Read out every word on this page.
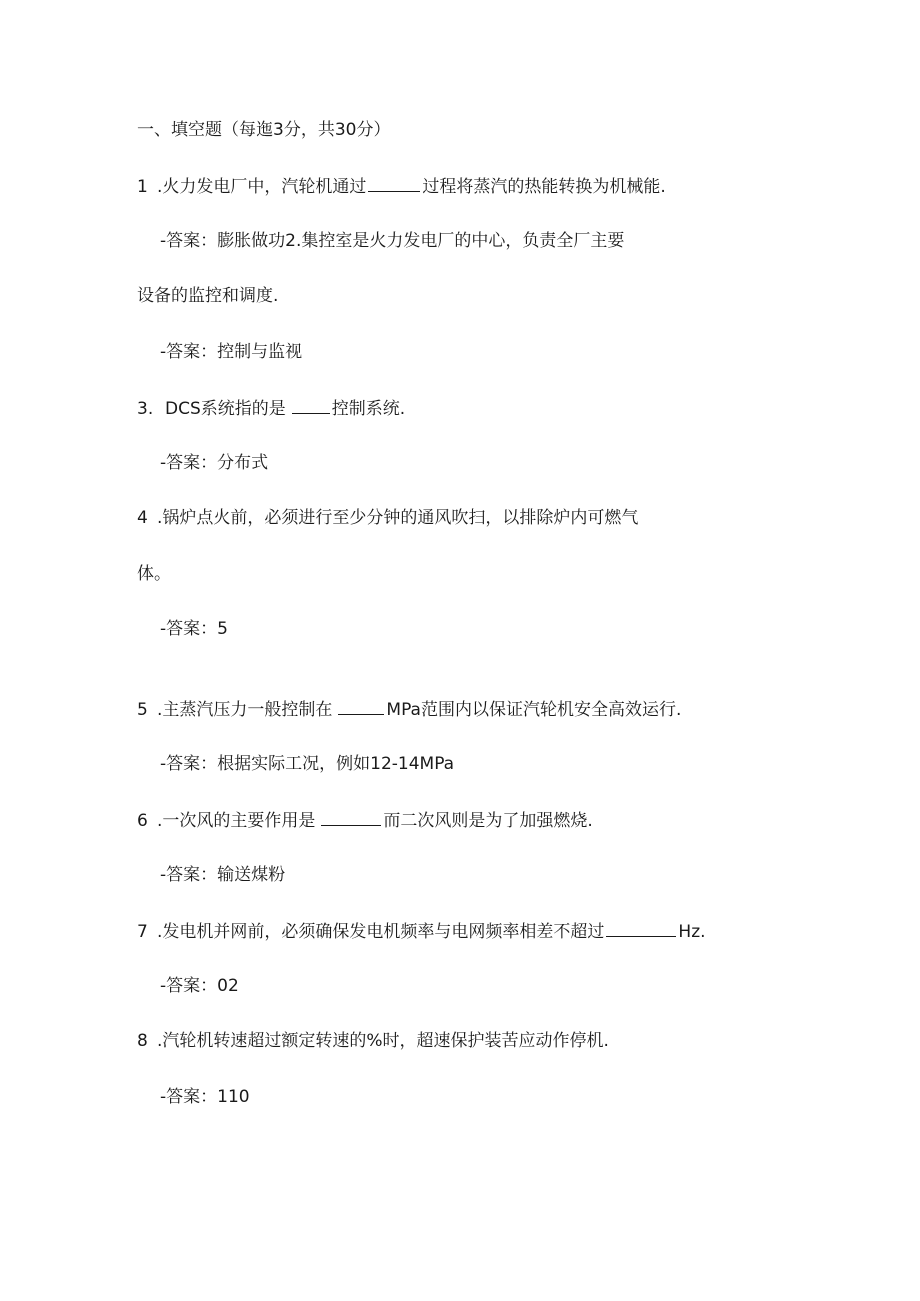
一、填空题（每迤3分，共30分）
1 .火力发电厂中，汽轮机通过	过程将蒸汽的热能转换为机械能.
-答案：膨胀做功2.集控室是火力发电厂的中心，负责全厂主要
设备的监控和调度.
-答案：控制与监视
3. DCS系统指的是	控制系统.
-答案：分布式
4 .锅炉点火前，必须进行至少分钟的通风吹扫，以排除炉内可燃气
体。
-答案：5
5 .主蒸汽压力一般控制在	MPa范围内以保证汽轮机安全高效运行.
-答案：根据实际工况，例如12-14MPa
6 .一次风的主要作用是	而二次风则是为了加强燃烧.
-答案：输送煤粉
7 .发电机并网前，必须确保发电机频率与电网频率相差不超过	Hz.
-答案：02
8 .汽轮机转速超过额定转速的%时，超速保护装苦应动作停机.
-答案：110
